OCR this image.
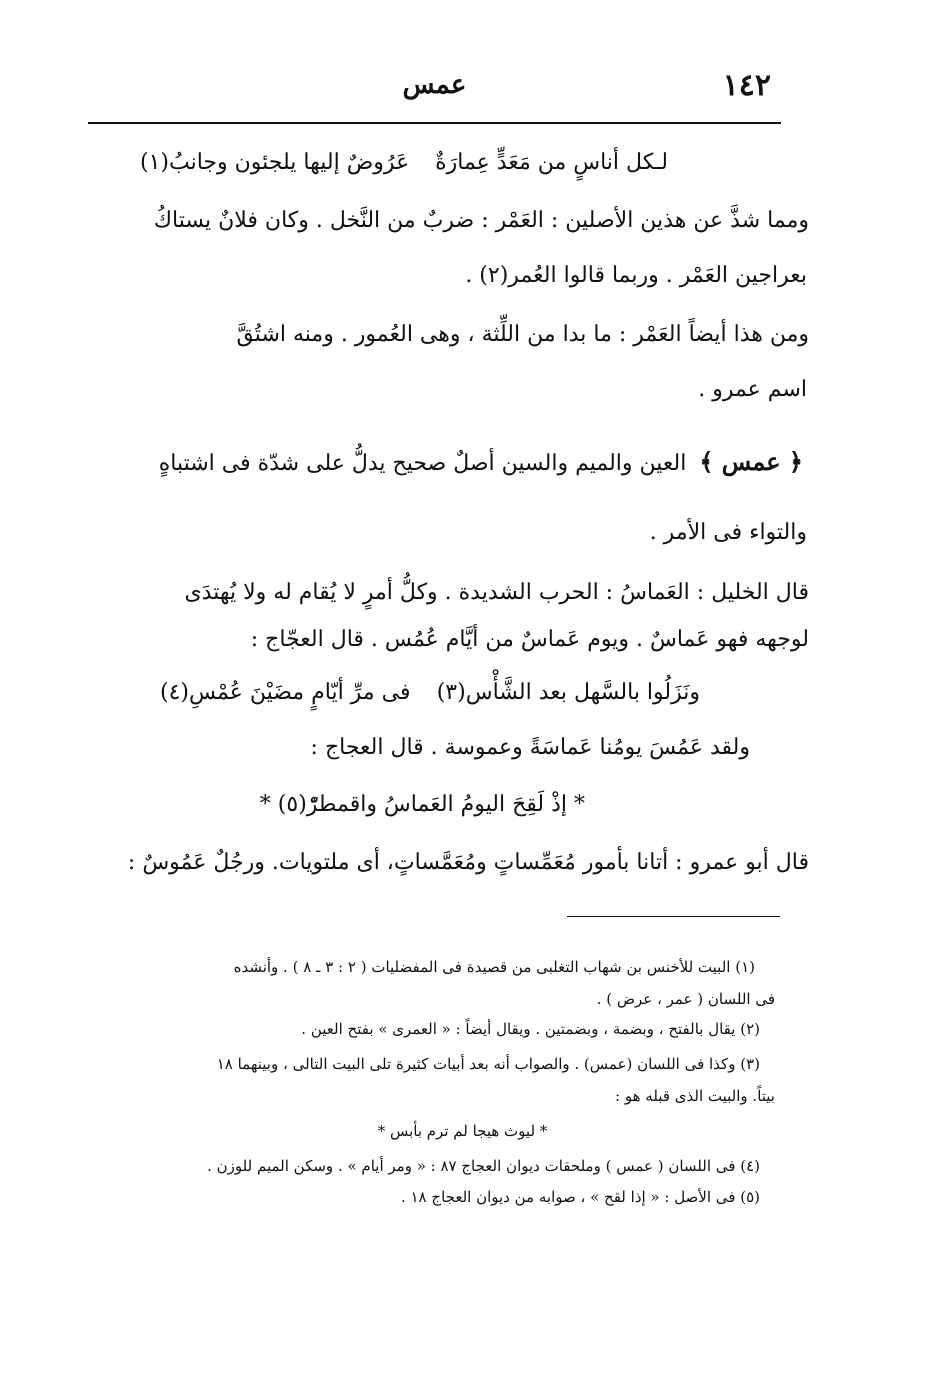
١٤٢
عمس
لـكل أناسٍ من مَعَدٍّ عِمارَةٌ
عَرُوضٌ إليها يلجئون وجانبُ(١)
ومما شذَّ عن هذين الأصلين : العَمْر : ضربٌ من النَّخل . وكان فلانٌ يستاكُ
بعراجين العَمْر . وربما قالوا العُمر(٢) .
ومن هذا أيضاً العَمْر : ما بدا من اللِّثة ، وهى العُمور . ومنه اشتُقَّ
اسم عمرو .
﴿ عمس ﴾ العين والميم والسين أصلٌ صحيح يدلُّ على شدّة فى اشتباهٍ
والتواء فى الأمر .
قال الخليل : العَماسُ : الحرب الشديدة . وكلُّ أمرٍ لا يُقام له ولا يُهتدَى
لوجهه فهو عَماسٌ . ويوم عَماسٌ من أيَّام عُمُس . قال العجّاج :
ونَزَلُوا بالسَّهل بعد الشَّأْس(٣)
فى مرِّ أيّامٍ مضَيْنَ عُمْسِ(٤)
ولقد عَمُسَ يومُنا عَماسَةً وعموسة . قال العجاج :
* إذْ لَقِحَ اليومُ العَماسُ واقمطرّْ(٥) *
قال أبو عمرو : أتانا بأمور مُعَمِّساتٍ ومُعَمَّساتٍ، أى ملتويات. ورجُلٌ عَمُوسٌ :
(١) البيت للأخنس بن شهاب التغلبى من قصيدة فى المفضليات ( ٢ : ٣ ـ ٨ ) . وأنشده
فى اللسان ( عمر ، عرض ) .
(٢) يقال بالفتح ، وبضمة ، وبضمتين . ويقال أيضاً : « العمرى » بفتح العين .
(٣) وكذا فى اللسان (عمس) . والصواب أنه بعد أبيات كثيرة تلى البيت التالى ، وبينهما ١٨
بيتاً. والبيت الذى قبله هو :
* ليوث هيجا لم ترم بأبس *
(٤) فى اللسان ( عمس ) وملحقات ديوان العجاج ٨٧ : « ومر أيام » . وسكن الميم للوزن .
(٥) فى الأصل : « إذا لقح » ، صوابه من ديوان العجاج ١٨ .
